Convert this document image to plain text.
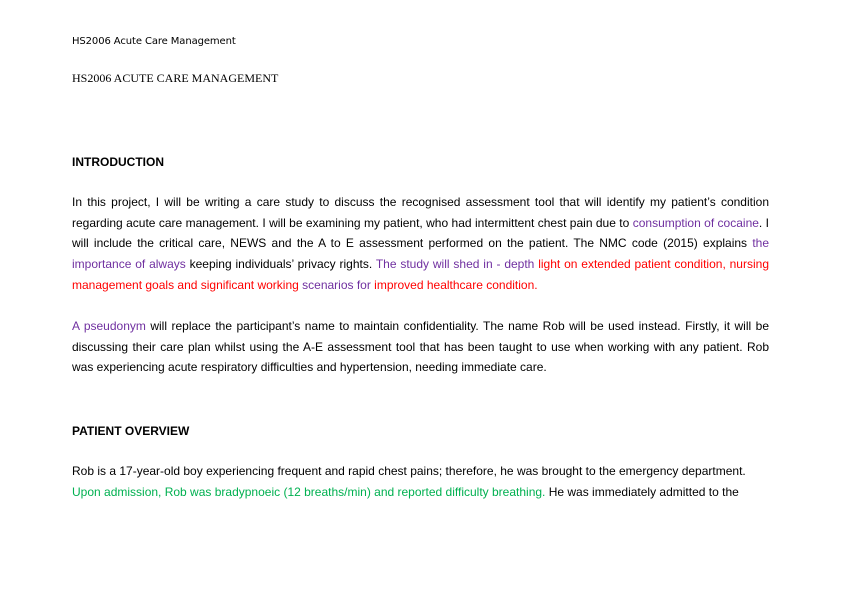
HS2006 Acute Care Management
HS2006 ACUTE CARE MANAGEMENT
INTRODUCTION
In this project, I will be writing a care study to discuss the recognised assessment tool that will identify my patient’s condition regarding acute care management. I will be examining my patient, who had intermittent chest pain due to consumption of cocaine. I will include the critical care, NEWS and the A to E assessment performed on the patient. The NMC code (2015) explains the importance of always keeping individuals’ privacy rights. The study will shed in - depth light on extended patient condition, nursing management goals and significant working scenarios for improved healthcare condition.
A pseudonym will replace the participant’s name to maintain confidentiality. The name Rob will be used instead. Firstly, it will be discussing their care plan whilst using the A-E assessment tool that has been taught to use when working with any patient. Rob was experiencing acute respiratory difficulties and hypertension, needing immediate care.
PATIENT OVERVIEW
Rob is a 17-year-old boy experiencing frequent and rapid chest pains; therefore, he was brought to the emergency department. Upon admission, Rob was bradypnoeic (12 breaths/min) and reported difficulty breathing. He was immediately admitted to the
